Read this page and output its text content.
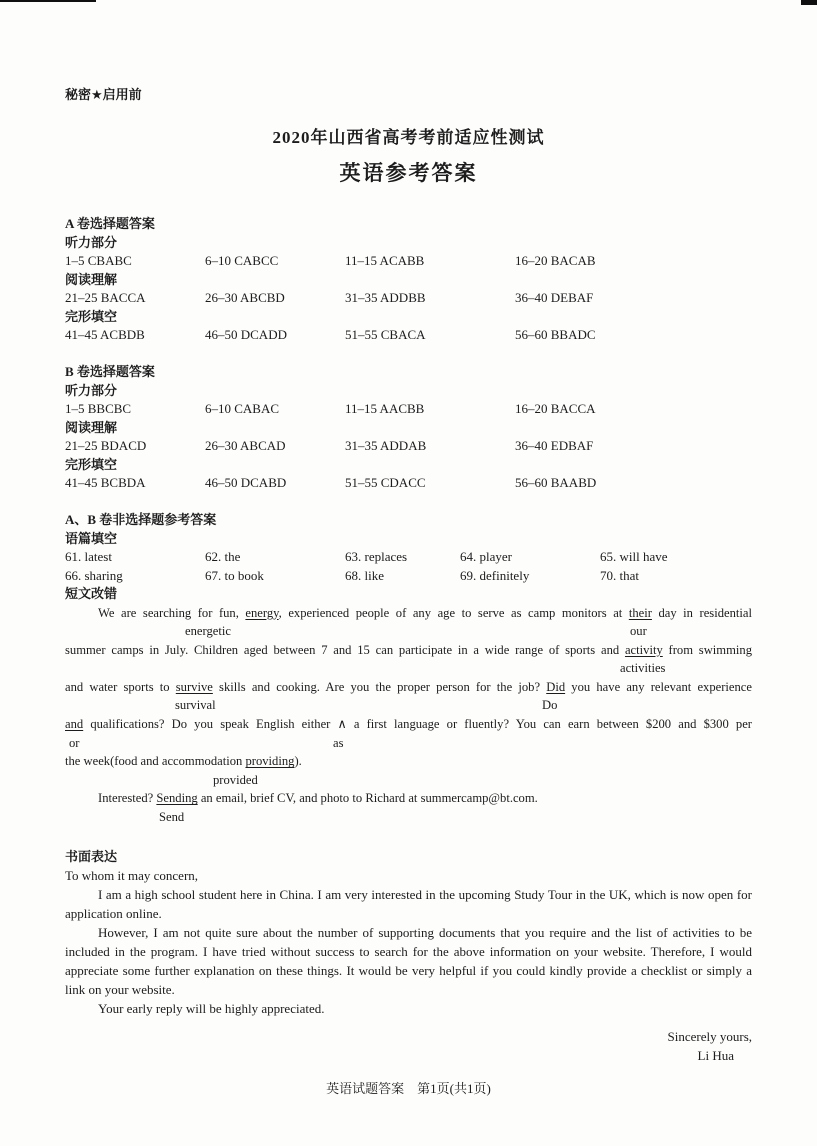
秘密★启用前
2020年山西省高考考前适应性测试
英语参考答案
A 卷选择题答案
听力部分
1–5 CBABC	6–10 CABCC	11–15 ACABB	16–20 BACAB
阅读理解
21–25 BACCA	26–30 ABCBD	31–35 ADDBB	36–40 DEBAF
完形填空
41–45 ACBDB	46–50 DCADD	51–55 CBACA	56–60 BBADC
B 卷选择题答案
听力部分
1–5 BBCBC	6–10 CABAC	11–15 AACBB	16–20 BACCA
阅读理解
21–25 BDACD	26–30 ABCAD	31–35 ADDAB	36–40 EDBAF
完形填空
41–45 BCBDA	46–50 DCABD	51–55 CDACC	56–60 BAABD
A、B 卷非选择题参考答案
语篇填空
61. latest	62. the	63. replaces	64. player	65. will have
66. sharing	67. to book	68. like	69. definitely	70. that
短文改错
We are searching for fun, energy, experienced people of any age to serve as camp monitors at their day in residential
energetic	our
summer camps in July. Children aged between 7 and 15 can participate in a wide range of sports and activity from swimming
activities
and water sports to survive skills and cooking. Are you the proper person for the job? Did you have any relevant experience
survival	Do
and qualifications? Do you speak English either ∧ a first language or fluently? You can earn between $200 and $300 per
or	as
the week(food and accommodation providing).
provided
Interested? Sending an email, brief CV, and photo to Richard at summercamp@bt.com.
Send
书面表达
To whom it may concern,
I am a high school student here in China. I am very interested in the upcoming Study Tour in the UK, which is now open for application online.
However, I am not quite sure about the number of supporting documents that you require and the list of activities to be included in the program. I have tried without success to search for the above information on your website. Therefore, I would appreciate some further explanation on these things. It would be very helpful if you could kindly provide a checklist or simply a link on your website.
Your early reply will be highly appreciated.
Sincerely yours,
Li Hua
英语试题答案　第1页(共1页)
